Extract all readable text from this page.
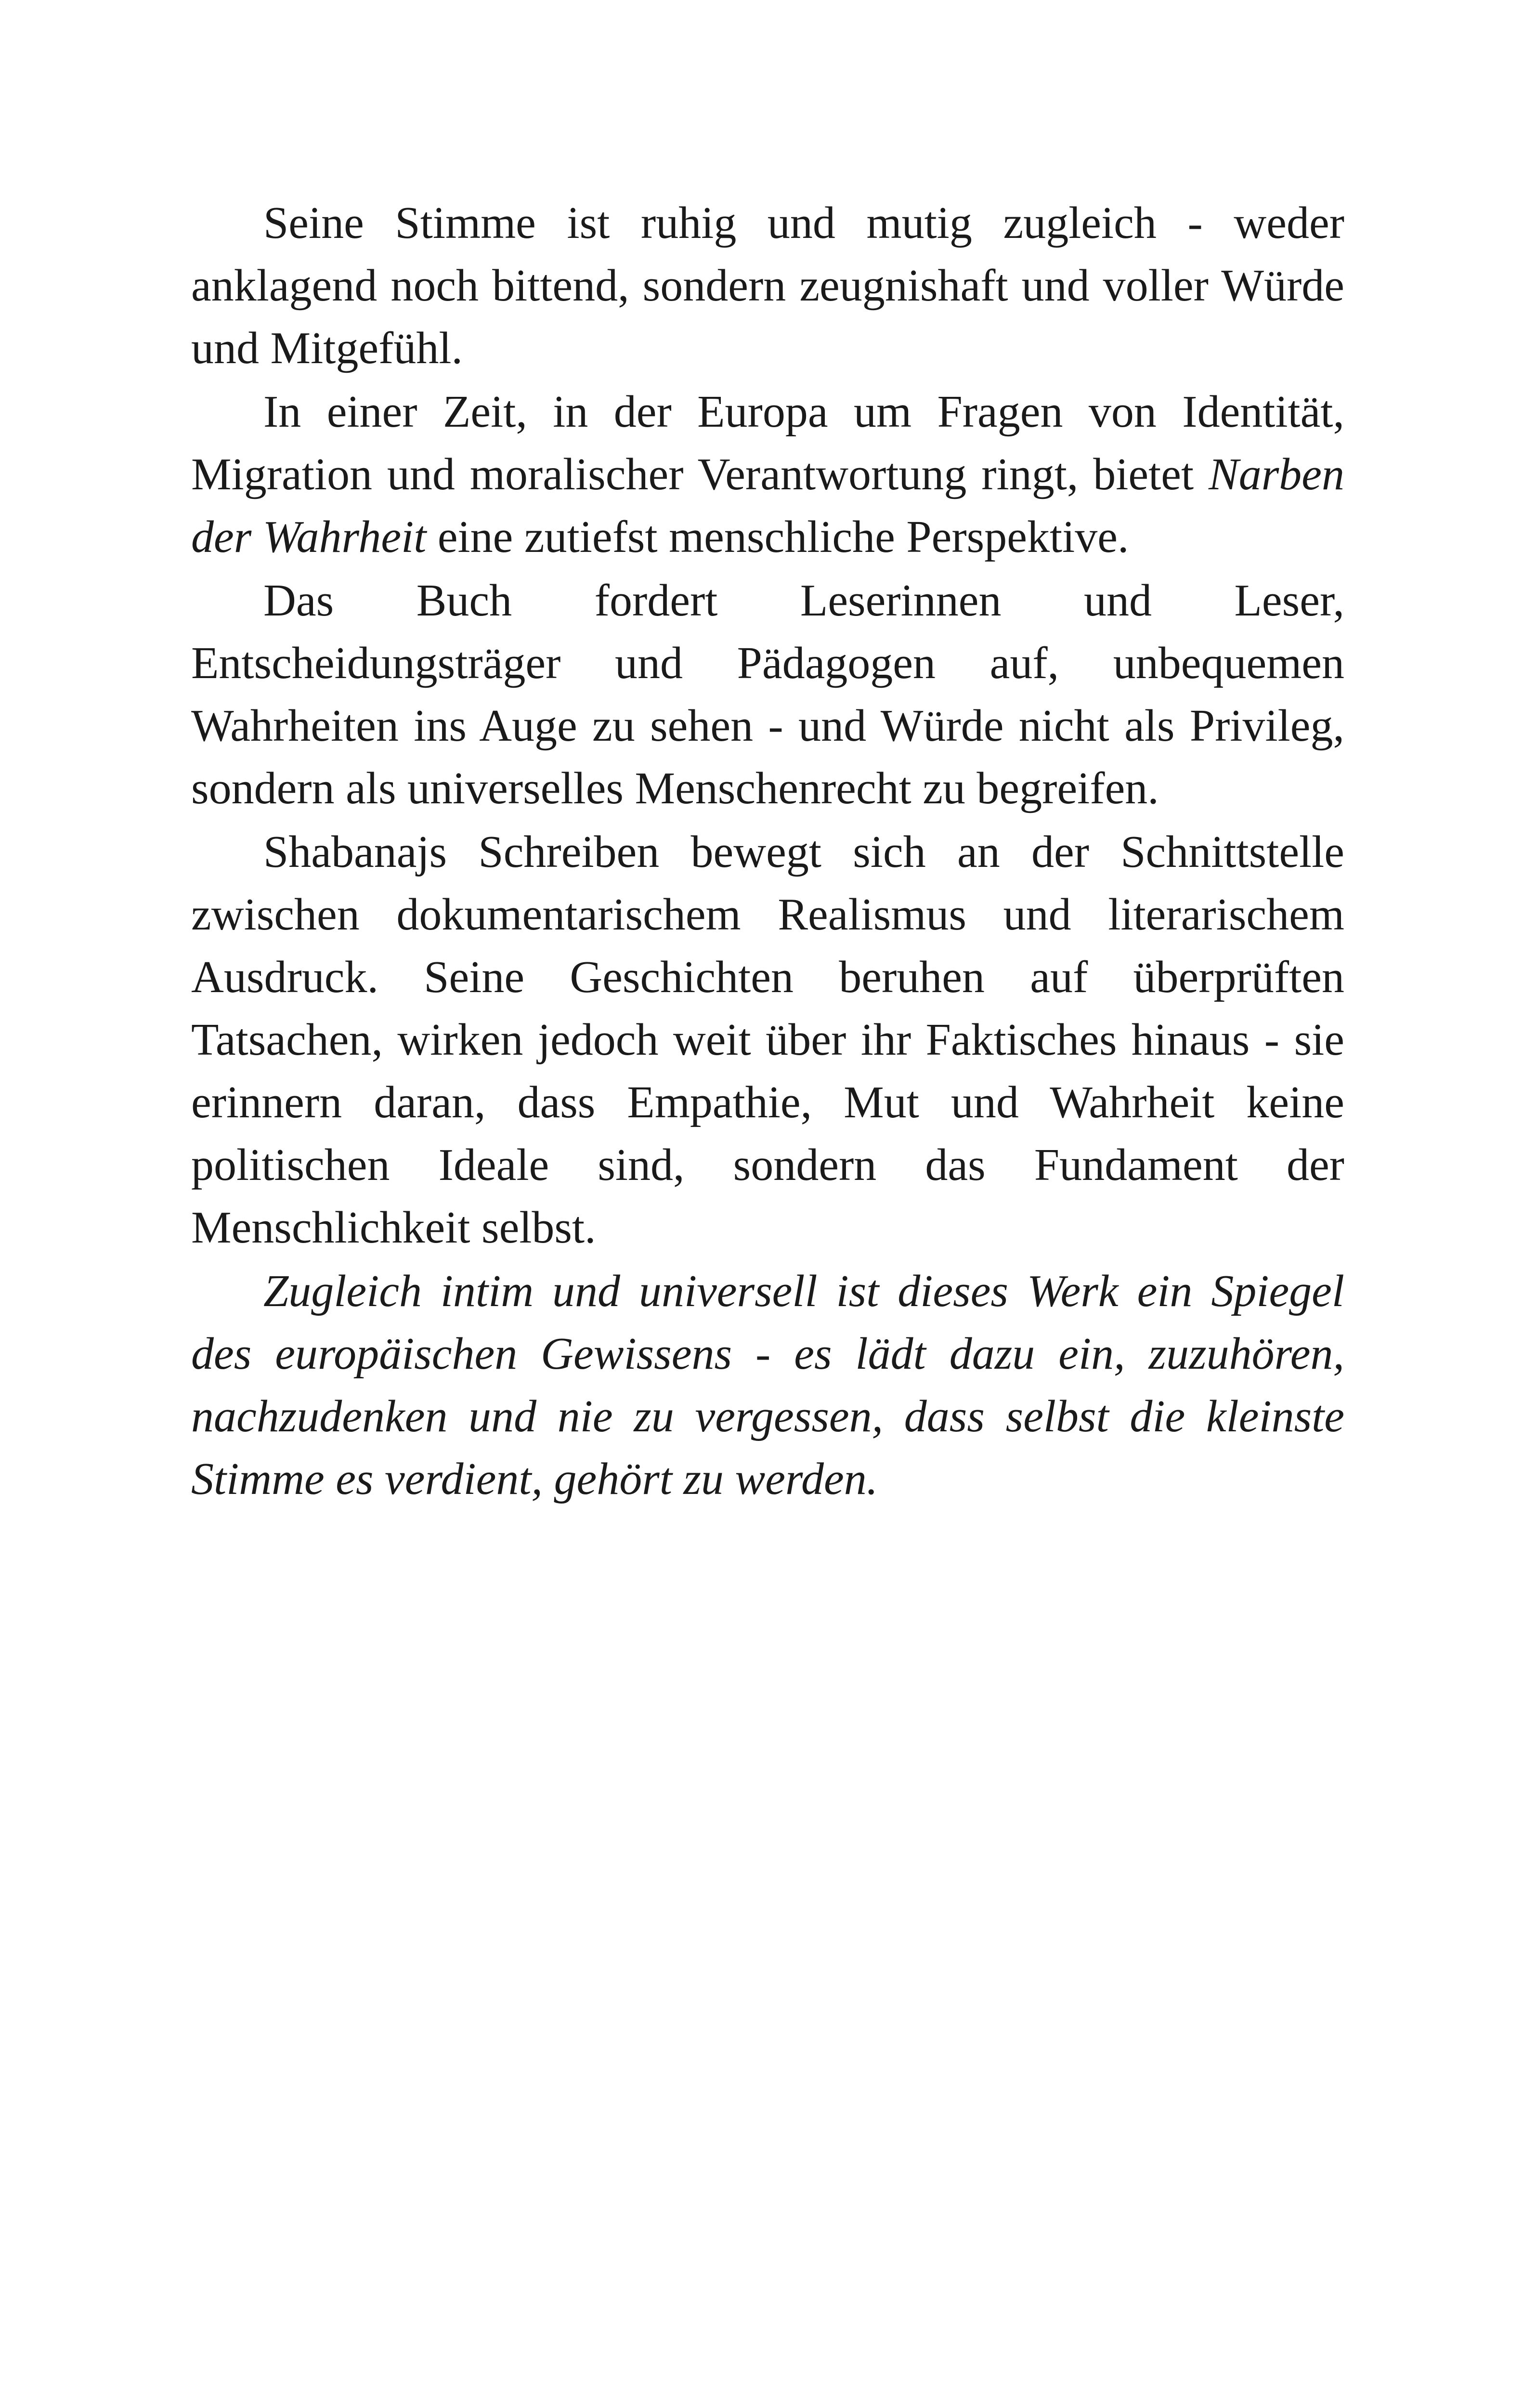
Seine Stimme ist ruhig und mutig zugleich - weder anklagend noch bittend, sondern zeugnishaft und voller Würde und Mitgefühl.

In einer Zeit, in der Europa um Fragen von Identität, Migration und moralischer Verantwortung ringt, bietet Narben der Wahrheit eine zutiefst menschliche Perspektive.

Das Buch fordert Leserinnen und Leser, Entscheidungsträger und Pädagogen auf, unbequemen Wahrheiten ins Auge zu sehen - und Würde nicht als Privileg, sondern als universelles Menschenrecht zu begreifen.

Shabanajs Schreiben bewegt sich an der Schnittstelle zwischen dokumentarischem Realismus und literarischem Ausdruck. Seine Geschichten beruhen auf überprüften Tatsachen, wirken jedoch weit über ihr Faktisches hinaus - sie erinnern daran, dass Empathie, Mut und Wahrheit keine politischen Ideale sind, sondern das Fundament der Menschlichkeit selbst.

Zugleich intim und universell ist dieses Werk ein Spiegel des europäischen Gewissens - es lädt dazu ein, zuzuhören, nachzudenken und nie zu vergessen, dass selbst die kleinste Stimme es verdient, gehört zu werden.
